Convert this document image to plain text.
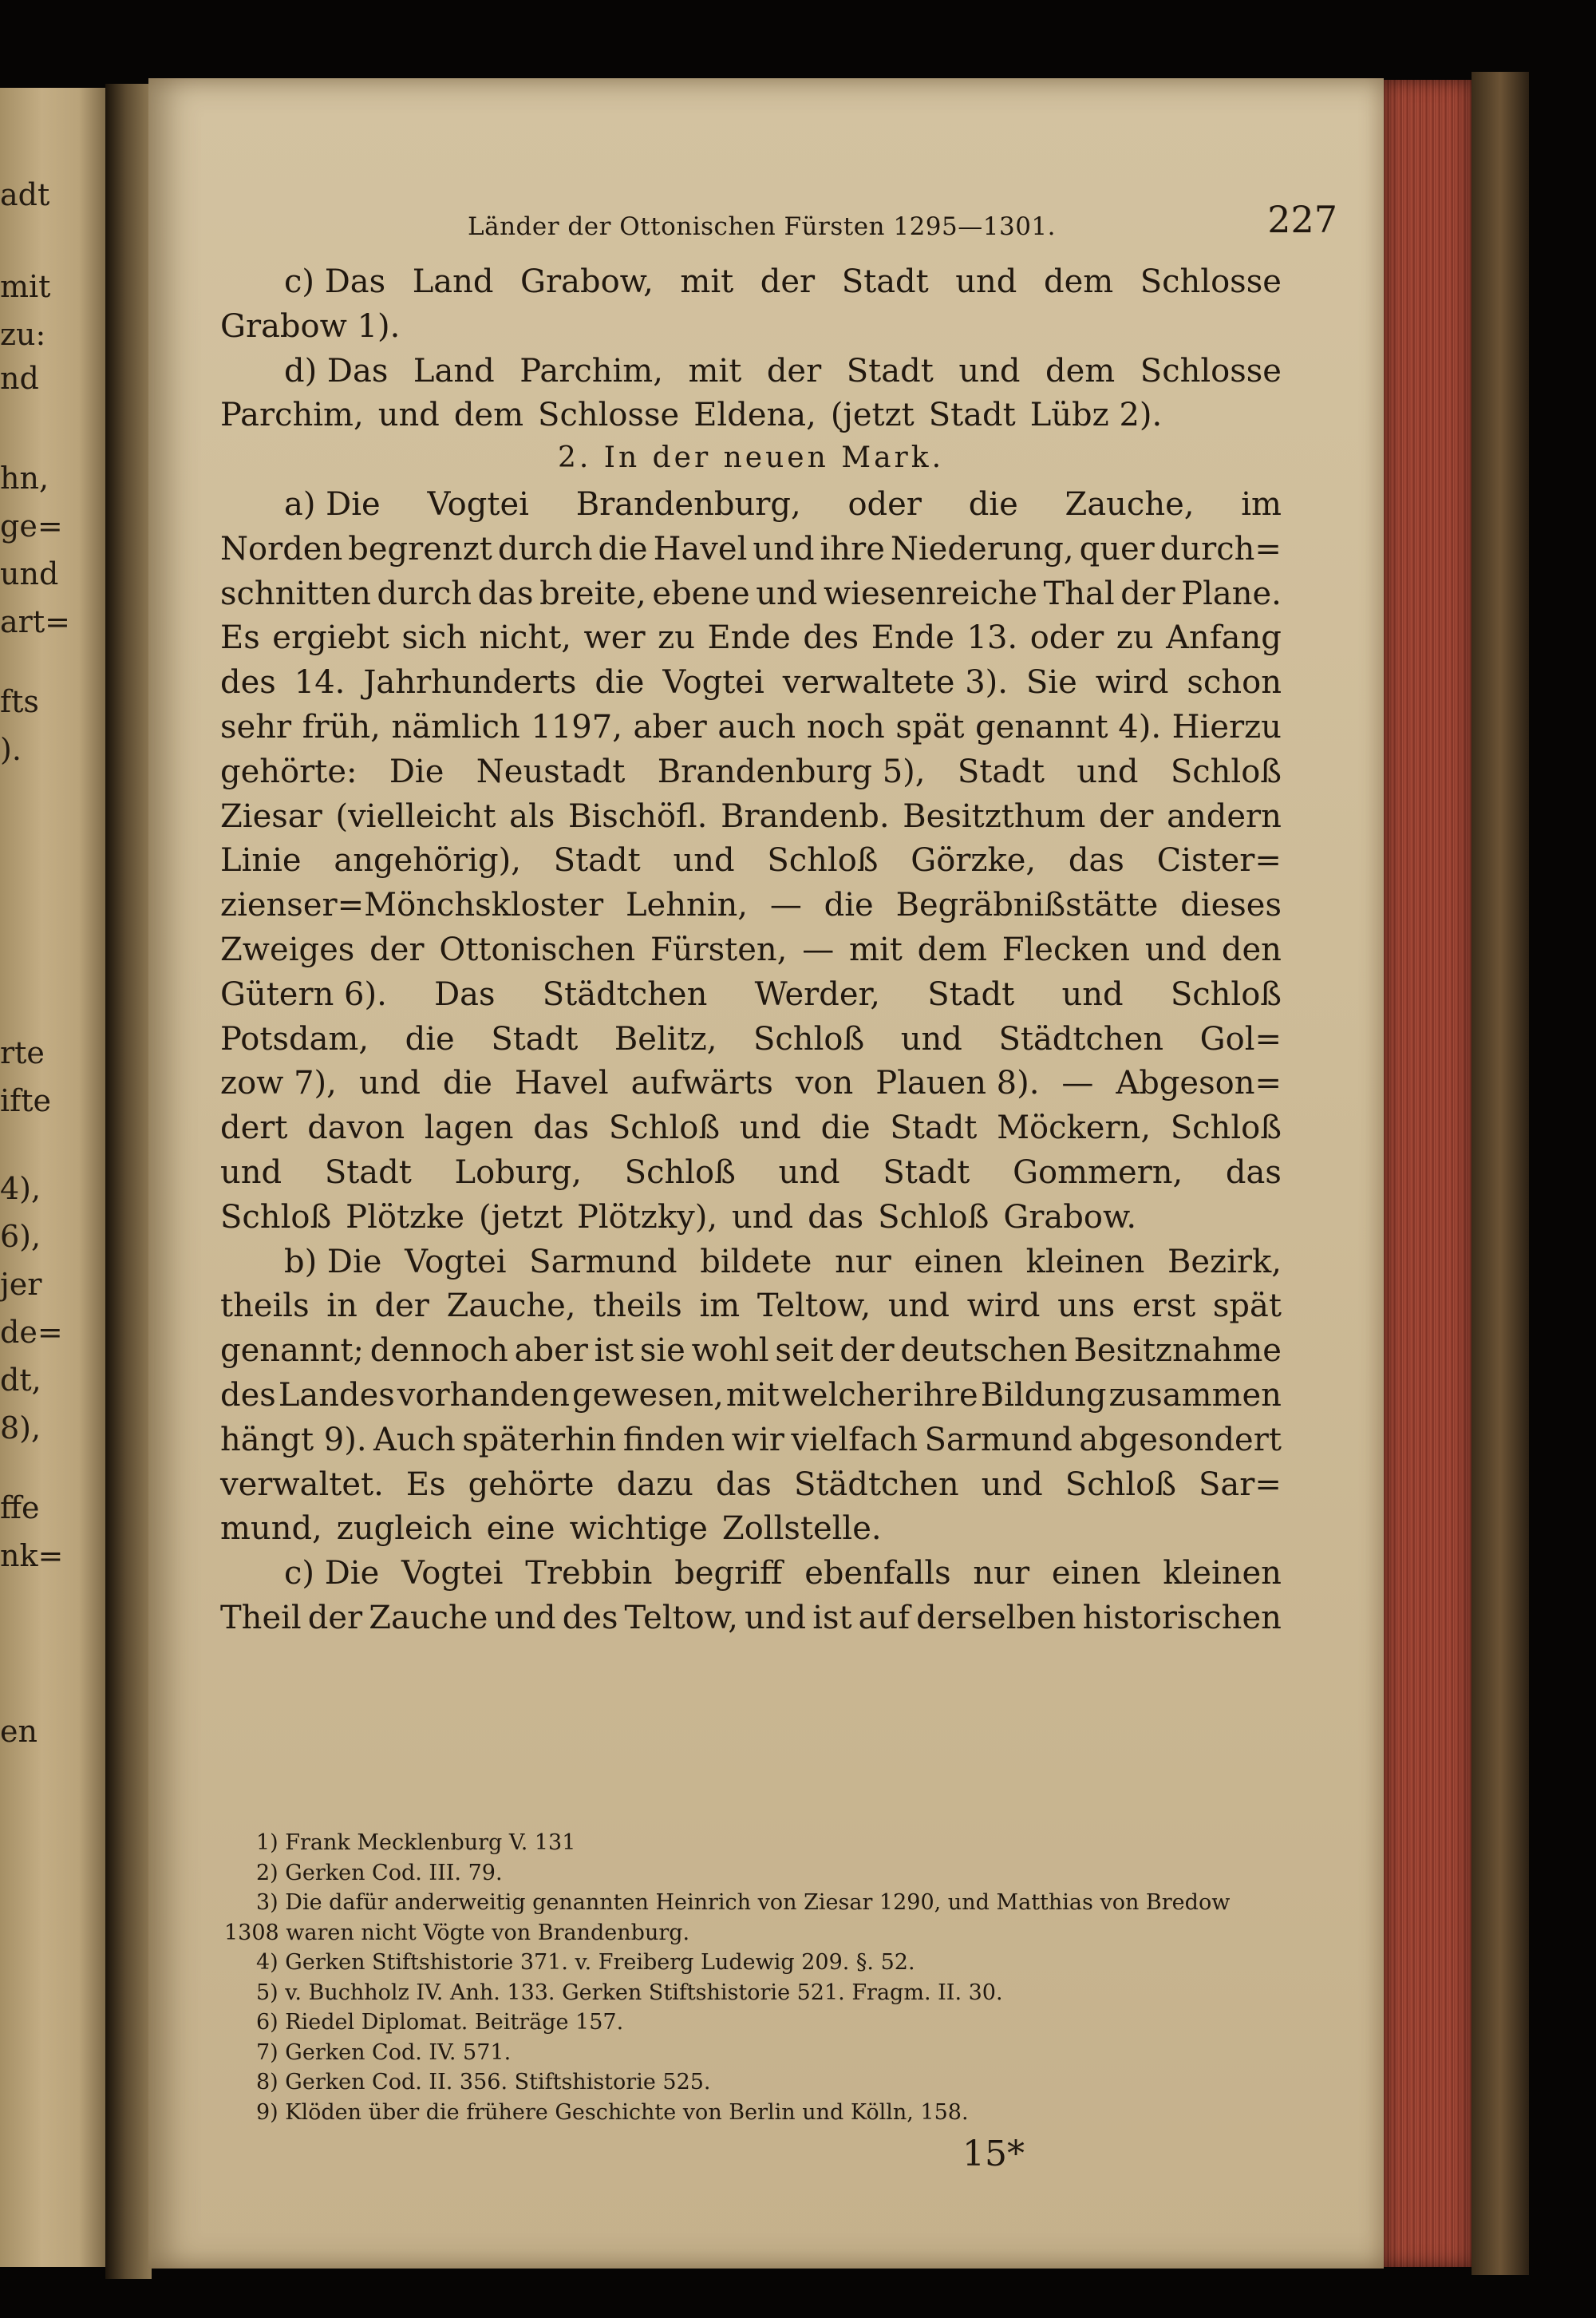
adt
mit
zu:
nd
hn,
ge=
und
art=
fts
).
rte
ifte
4),
6),
jer
de=
dt,
8),
ffe
nk=
en
Länder der Ottonischen Fürsten 1295—1301.	227
c) Das Land Grabow, mit der Stadt und dem Schlosse
Grabow 1).
d) Das Land Parchim, mit der Stadt und dem Schlosse
Parchim, und dem Schlosse Eldena, (jetzt Stadt Lübz 2).
2. In der neuen Mark.
a) Die Vogtei Brandenburg, oder die Zauche, im
Norden begrenzt durch die Havel und ihre Niederung, quer durch=
schnitten durch das breite, ebene und wiesenreiche Thal der Plane.
Es ergiebt sich nicht, wer zu Ende des Ende 13. oder zu Anfang
des 14. Jahrhunderts die Vogtei verwaltete 3). Sie wird schon
sehr früh, nämlich 1197, aber auch noch spät genannt 4). Hierzu
gehörte: Die Neustadt Brandenburg 5), Stadt und Schloß
Ziesar (vielleicht als Bischöfl. Brandenb. Besitzthum der andern
Linie angehörig), Stadt und Schloß Görzke, das Cister=
zienser=Mönchskloster Lehnin, — die Begräbnißstätte dieses
Zweiges der Ottonischen Fürsten, — mit dem Flecken und den
Gütern 6). Das Städtchen Werder, Stadt und Schloß
Potsdam, die Stadt Belitz, Schloß und Städtchen Gol=
zow 7), und die Havel aufwärts von Plauen 8). — Abgeson=
dert davon lagen das Schloß und die Stadt Möckern, Schloß
und Stadt Loburg, Schloß und Stadt Gommern, das
Schloß Plötzke (jetzt Plötzky), und das Schloß Grabow.
b) Die Vogtei Sarmund bildete nur einen kleinen Bezirk,
theils in der Zauche, theils im Teltow, und wird uns erst spät
genannt; dennoch aber ist sie wohl seit der deutschen Besitznahme
des Landes vorhanden gewesen, mit welcher ihre Bildung zusammen
hängt 9). Auch späterhin finden wir vielfach Sarmund abgesondert
verwaltet. Es gehörte dazu das Städtchen und Schloß Sar=
mund, zugleich eine wichtige Zollstelle.
c) Die Vogtei Trebbin begriff ebenfalls nur einen kleinen
Theil der Zauche und des Teltow, und ist auf derselben historischen
1) Frank Mecklenburg V. 131
2) Gerken Cod. III. 79.
3) Die dafür anderweitig genannten Heinrich von Ziesar 1290, und Matthias von Bredow
1308 waren nicht Vögte von Brandenburg.
4) Gerken Stiftshistorie 371. v. Freiberg Ludewig 209. §. 52.
5) v. Buchholz IV. Anh. 133. Gerken Stiftshistorie 521. Fragm. II. 30.
6) Riedel Diplomat. Beiträge 157.
7) Gerken Cod. IV. 571.
8) Gerken Cod. II. 356. Stiftshistorie 525.
9) Klöden über die frühere Geschichte von Berlin und Kölln, 158.
15*
